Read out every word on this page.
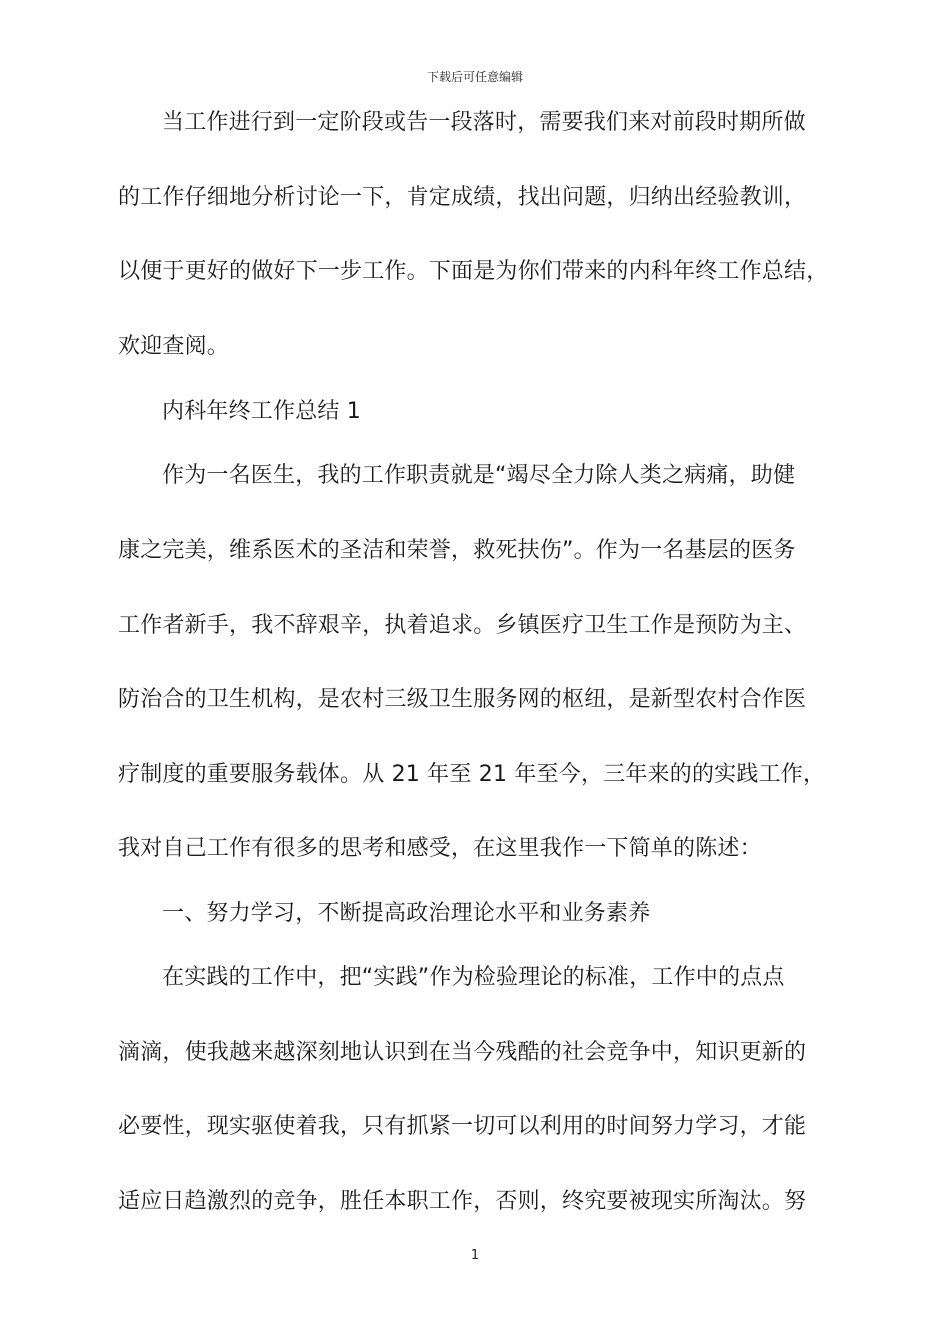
下载后可任意编辑
当工作进行到一定阶段或告一段落时，需要我们来对前段时期所做
的工作仔细地分析讨论一下，肯定成绩，找出问题，归纳出经验教训，
以便于更好的做好下一步工作。下面是为你们带来的内科年终工作总结，
欢迎查阅。
内科年终工作总结 1
作为一名医生，我的工作职责就是“竭尽全力除人类之病痛，助健
康之完美，维系医术的圣洁和荣誉，救死扶伤”。作为一名基层的医务
工作者新手，我不辞艰辛，执着追求。乡镇医疗卫生工作是预防为主、
防治合的卫生机构，是农村三级卫生服务网的枢纽，是新型农村合作医
疗制度的重要服务载体。从 21 年至 21 年至今，三年来的的实践工作，
我对自己工作有很多的思考和感受，在这里我作一下简单的陈述：
一、努力学习，不断提高政治理论水平和业务素养
在实践的工作中，把“实践”作为检验理论的标准，工作中的点点
滴滴，使我越来越深刻地认识到在当今残酷的社会竞争中，知识更新的
必要性，现实驱使着我，只有抓紧一切可以利用的时间努力学习，才能
适应日趋激烈的竞争，胜任本职工作，否则，终究要被现实所淘汰。努
1
